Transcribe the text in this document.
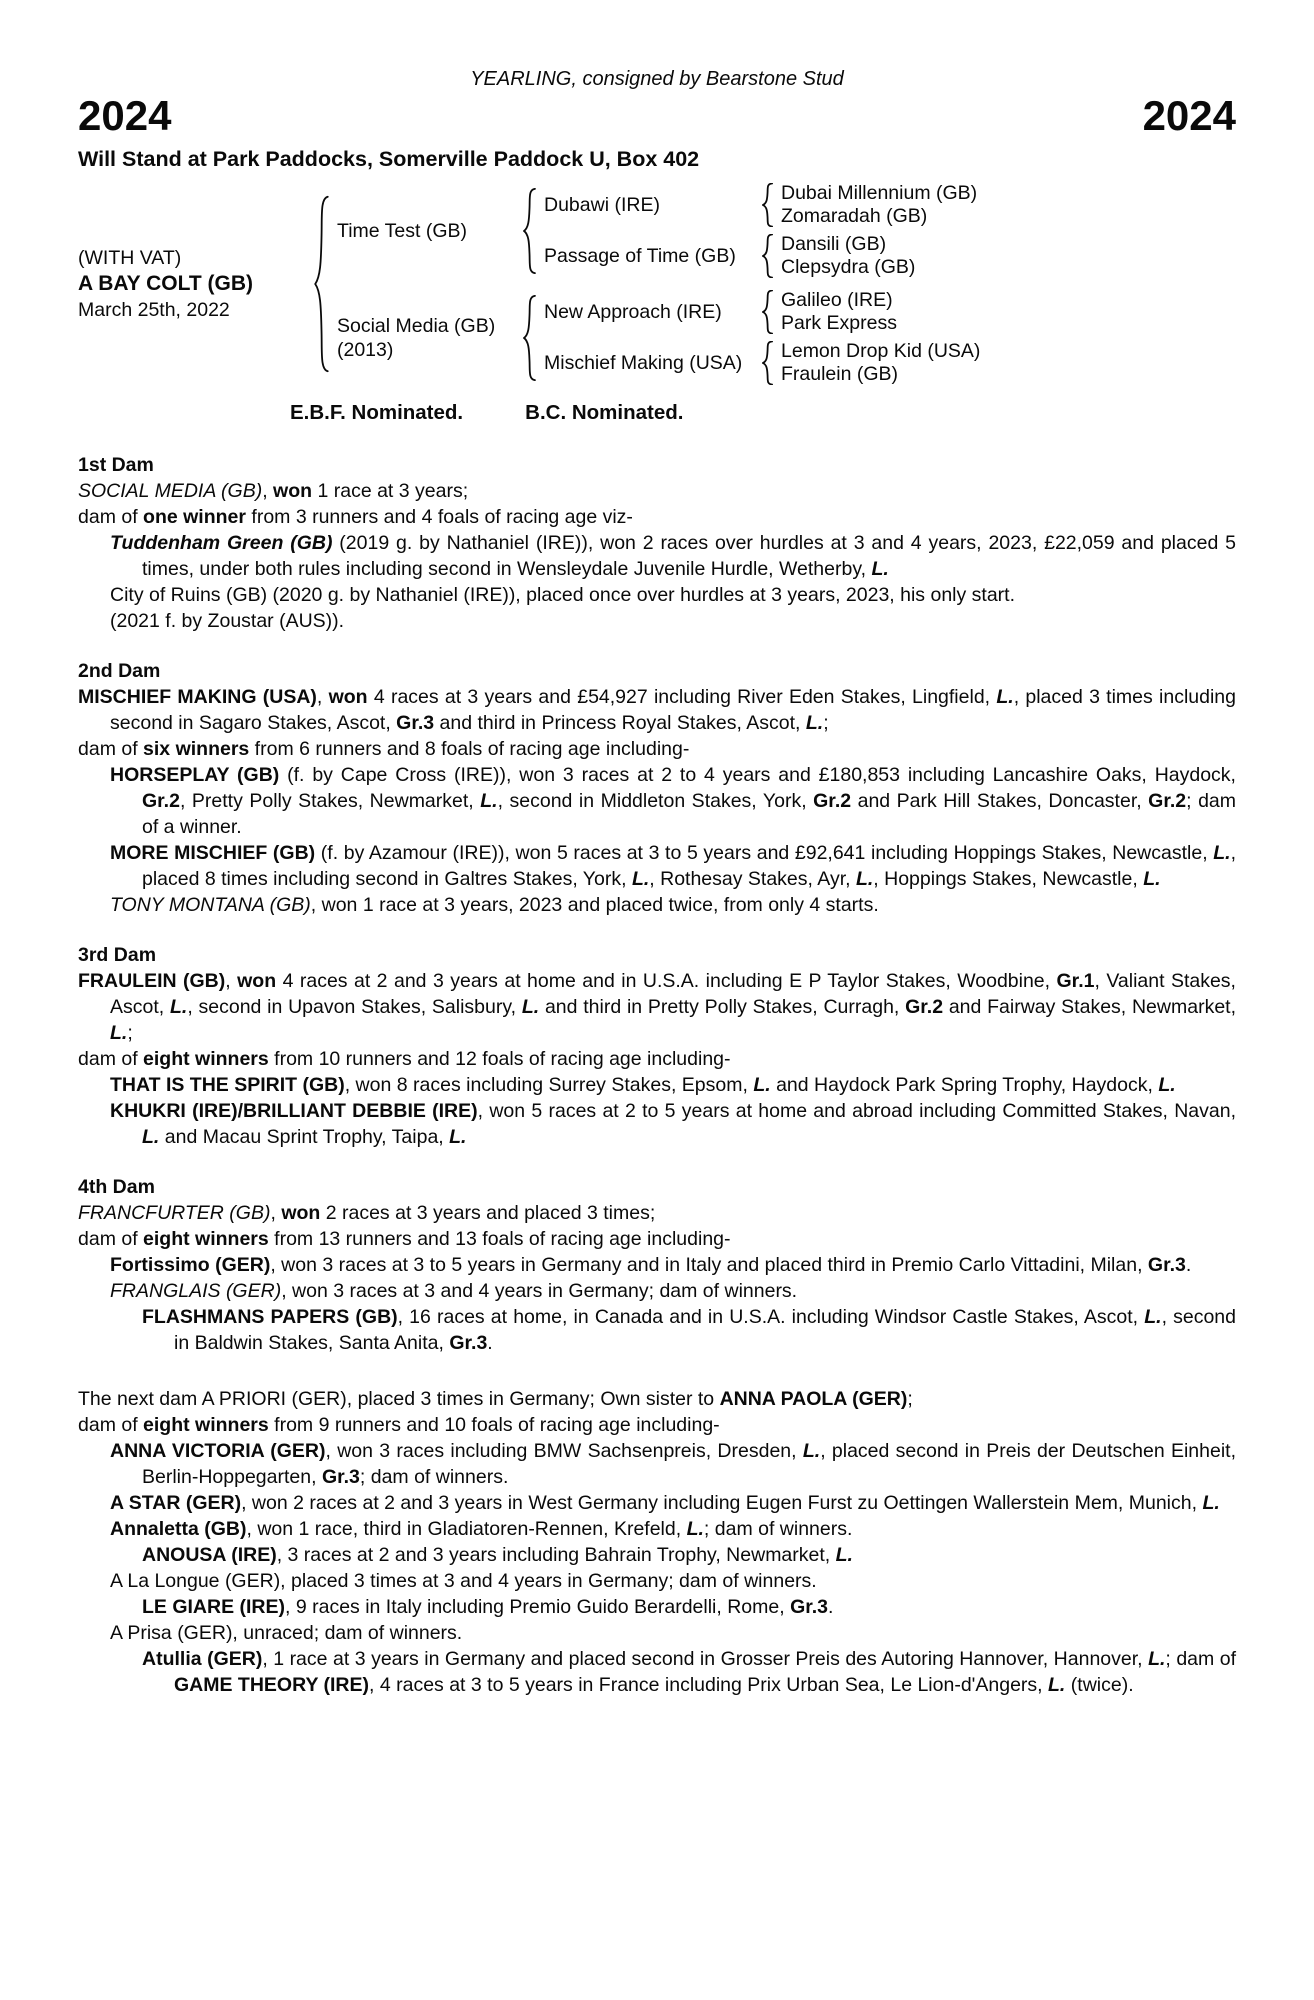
YEARLING, consigned by Bearstone Stud
2024	2024
Will Stand at Park Paddocks, Somerville Paddock U, Box 402
(WITH VAT)
A BAY COLT (GB)
March 25th, 2022
Time Test (GB)
Dubawi (IRE)
Dubai Millennium (GB)
Zomaradah (GB)
Passage of Time (GB)
Dansili (GB)
Clepsydra (GB)
Social Media (GB)
(2013)
New Approach (IRE)
Galileo (IRE)
Park Express
Mischief Making (USA)
Lemon Drop Kid (USA)
Fraulein (GB)
E.B.F. Nominated.	B.C. Nominated.
1st Dam

SOCIAL MEDIA (GB), won 1 race at 3 years;

dam of one winner from 3 runners and 4 foals of racing age viz-

Tuddenham Green (GB) (2019 g. by Nathaniel (IRE)), won 2 races over hurdles at 3 and 4 years, 2023, £22,059 and placed 5 times, under both rules including second in Wensleydale Juvenile Hurdle, Wetherby, L.

City of Ruins (GB) (2020 g. by Nathaniel (IRE)), placed once over hurdles at 3 years, 2023, his only start.

(2021 f. by Zoustar (AUS)).

2nd Dam

MISCHIEF MAKING (USA), won 4 races at 3 years and £54,927 including River Eden Stakes, Lingfield, L., placed 3 times including second in Sagaro Stakes, Ascot, Gr.3 and third in Princess Royal Stakes, Ascot, L.;

dam of six winners from 6 runners and 8 foals of racing age including-

HORSEPLAY (GB) (f. by Cape Cross (IRE)), won 3 races at 2 to 4 years and £180,853 including Lancashire Oaks, Haydock, Gr.2, Pretty Polly Stakes, Newmarket, L., second in Middleton Stakes, York, Gr.2 and Park Hill Stakes, Doncaster, Gr.2; dam of a winner.

MORE MISCHIEF (GB) (f. by Azamour (IRE)), won 5 races at 3 to 5 years and £92,641 including Hoppings Stakes, Newcastle, L., placed 8 times including second in Galtres Stakes, York, L., Rothesay Stakes, Ayr, L., Hoppings Stakes, Newcastle, L.

TONY MONTANA (GB), won 1 race at 3 years, 2023 and placed twice, from only 4 starts.

3rd Dam

FRAULEIN (GB), won 4 races at 2 and 3 years at home and in U.S.A. including E P Taylor Stakes, Woodbine, Gr.1, Valiant Stakes, Ascot, L., second in Upavon Stakes, Salisbury, L. and third in Pretty Polly Stakes, Curragh, Gr.2 and Fairway Stakes, Newmarket, L.;

dam of eight winners from 10 runners and 12 foals of racing age including-

THAT IS THE SPIRIT (GB), won 8 races including Surrey Stakes, Epsom, L. and Haydock Park Spring Trophy, Haydock, L.

KHUKRI (IRE)/BRILLIANT DEBBIE (IRE), won 5 races at 2 to 5 years at home and abroad including Committed Stakes, Navan, L. and Macau Sprint Trophy, Taipa, L.

4th Dam

FRANCFURTER (GB), won 2 races at 3 years and placed 3 times;

dam of eight winners from 13 runners and 13 foals of racing age including-

Fortissimo (GER), won 3 races at 3 to 5 years in Germany and in Italy and placed third in Premio Carlo Vittadini, Milan, Gr.3.

FRANGLAIS (GER), won 3 races at 3 and 4 years in Germany; dam of winners.

FLASHMANS PAPERS (GB), 16 races at home, in Canada and in U.S.A. including Windsor Castle Stakes, Ascot, L., second in Baldwin Stakes, Santa Anita, Gr.3.

The next dam A PRIORI (GER), placed 3 times in Germany; Own sister to ANNA PAOLA (GER);

dam of eight winners from 9 runners and 10 foals of racing age including-

ANNA VICTORIA (GER), won 3 races including BMW Sachsenpreis, Dresden, L., placed second in Preis der Deutschen Einheit, Berlin-Hoppegarten, Gr.3; dam of winners.

A STAR (GER), won 2 races at 2 and 3 years in West Germany including Eugen Furst zu Oettingen Wallerstein Mem, Munich, L.

Annaletta (GB), won 1 race, third in Gladiatoren-Rennen, Krefeld, L.; dam of winners.

ANOUSA (IRE), 3 races at 2 and 3 years including Bahrain Trophy, Newmarket, L.

A La Longue (GER), placed 3 times at 3 and 4 years in Germany; dam of winners.

LE GIARE (IRE), 9 races in Italy including Premio Guido Berardelli, Rome, Gr.3.

A Prisa (GER), unraced; dam of winners.

Atullia (GER), 1 race at 3 years in Germany and placed second in Grosser Preis des Autoring Hannover, Hannover, L.; dam of GAME THEORY (IRE), 4 races at 3 to 5 years in France including Prix Urban Sea, Le Lion-d'Angers, L. (twice).
